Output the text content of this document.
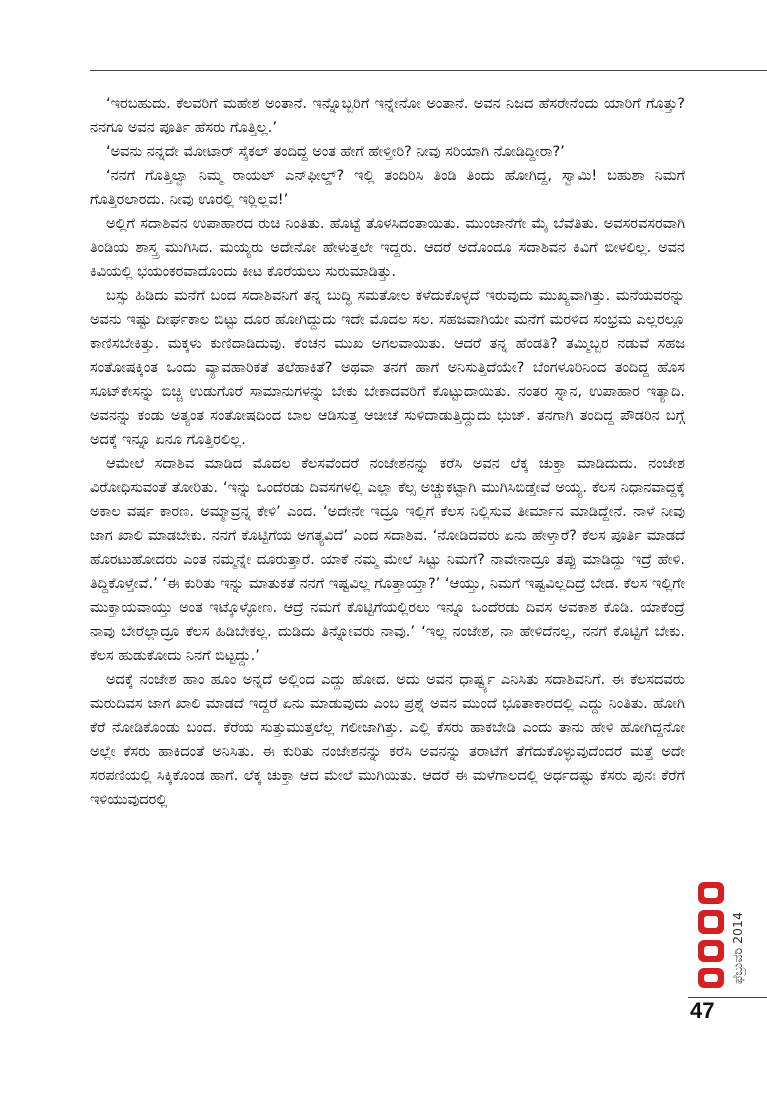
‘ಇರಬಹುದು. ಕೆಲವರಿಗೆ ಮಹೇಶ ಅಂತಾನೆ. ಇನ್ನೊಬ್ಬರಿಗೆ ಇನ್ನೇನೋ ಅಂತಾನೆ. ಅವನ ನಿಜದ ಹೆಸರೇನೆಂದು ಯಾರಿಗೆ ಗೊತ್ತು? ನನಗೂ ಅವನ ಪೂರ್ತಿ ಹೆಸರು ಗೊತ್ತಿಲ್ಲ.’

‘ಅವನು ನನ್ನದೇ ಮೋಟಾರ್ ಸೈಕಲ್ ತಂದಿದ್ದ ಅಂತ ಹೇಗೆ ಹೇಳ್ತೀರಿ? ನೀವು ಸರಿಯಾಗಿ ನೋಡಿದ್ದೀರಾ?’

‘ನನಗೆ ಗೊತ್ತಿಲ್ವಾ ನಿಮ್ಮ ರಾಯಲ್ ಎನ್‌ಫೀಲ್ಡ್? ಇಲ್ಲಿ ತಂದಿರಿಸಿ ತಿಂಡಿ ತಿಂದು ಹೋಗಿದ್ದ, ಸ್ವಾಮಿ! ಬಹುಶಾ ನಿಮಗೆ ಗೊತ್ತಿರಲಾರದು. ನೀವು ಊರಲ್ಲಿ ಇರ್‍ಲಿಲ್ಲವ!’

ಅಲ್ಲಿಗೆ ಸದಾಶಿವನ ಉಪಾಹಾರದ ರುಚಿ ನಿಂತಿತು. ಹೊಟ್ಟೆ ತೊಳಸಿದಂತಾಯಿತು. ಮುಂಜಾನೆಗೇ ಮೈ ಬೆವೆತಿತು. ಅವಸರವಸರವಾಗಿ ತಿಂಡಿಯ ಶಾಸ್ತ್ರ ಮುಗಿಸಿದ. ಮಯ್ಯರು ಅದೇನೋ ಹೇಳುತ್ತಲೇ ಇದ್ದರು. ಆದರೆ ಅದೊಂದೂ ಸದಾಶಿವನ ಕಿವಿಗೆ ಬೀಳಲಿಲ್ಲ. ಅವನ ಕಿವಿಯಲ್ಲಿ ಭಯಂಕರವಾದೊಂದು ಕೀಟ ಕೊರೆಯಲು ಸುರುಮಾಡಿತ್ತು.

ಬಸ್ಸು ಹಿಡಿದು ಮನೆಗೆ ಬಂದ ಸದಾಶಿವನಿಗೆ ತನ್ನ ಬುದ್ಧಿ ಸಮತೋಲ ಕಳೆದುಕೊಳ್ಳದೆ ಇರುವುದು ಮುಖ್ಯವಾಗಿತ್ತು. ಮನೆಯವರನ್ನು ಅವನು ಇಷ್ಟು ದೀರ್ಘಕಾಲ ಬಿಟ್ಟು ದೂರ ಹೋಗಿದ್ದುದು ಇದೇ ಮೊದಲ ಸಲ. ಸಹಜವಾಗಿಯೇ ಮನೆಗೆ ಮರಳಿದ ಸಂಭ್ರಮ ಎಲ್ಲರಲ್ಲೂ ಕಾಣಿಸಬೇಕಿತ್ತು. ಮಕ್ಕಳು ಕುಣಿದಾಡಿದುವು. ಕೆಂಚನ ಮುಖ ಅಗಲವಾಯಿತು. ಆದರೆ ತನ್ನ ಹೆಂಡತಿ? ತಮ್ಮಿಬ್ಬರ ನಡುವೆ ಸಹಜ ಸಂತೋಷಕ್ಕಿಂತ ಒಂದು ವ್ಯಾವಹಾರಿಕತೆ ತಲೆಹಾಕಿತೆ? ಅಥವಾ ತನಗೆ ಹಾಗೆ ಅನಿಸುತ್ತಿದೆಯೇ? ಬೆಂಗಳೂರಿನಿಂದ ತಂದಿದ್ದ ಹೊಸ ಸೂಟ್‌ಕೇಸನ್ನು ಬಿಚ್ಚಿ ಉಡುಗೊರೆ ಸಾಮಾನುಗಳನ್ನು ಬೇಕು ಬೇಕಾದವರಿಗೆ ಕೊಟ್ಟುದಾಯಿತು. ನಂತರ ಸ್ನಾನ, ಉಪಾಹಾರ ಇತ್ಯಾದಿ. ಅವನನ್ನು ಕಂಡು ಅತ್ಯಂತ ಸಂತೋಷದಿಂದ ಬಾಲ ಆಡಿಸುತ್ತ ಆಚೀಚೆ ಸುಳಿದಾಡುತ್ತಿದ್ದುದು ಭುಜ್. ತನಗಾಗಿ ತಂದಿದ್ದ ಪೌಡರಿನ ಬಗ್ಗೆ ಅದಕ್ಕೆ ಇನ್ನೂ ಏನೂ ಗೊತ್ತಿರಲಿಲ್ಲ.

ಆಮೇಲೆ ಸದಾಶಿವ ಮಾಡಿದ ಮೊದಲ ಕೆಲಸವೆಂದರೆ ನಂಜೇಶನನ್ನು ಕರೆಸಿ ಅವನ ಲೆಕ್ಕ ಚುಕ್ತಾ ಮಾಡಿದುದು. ನಂಜೇಶ ವಿರೋಧಿಸುವಂತೆ ತೋರಿತು. ‘ಇನ್ನು ಒಂದೆರಡು ದಿವಸಗಳಲ್ಲಿ ಎಲ್ಲಾ ಕೆಲ್ಸ ಅಚ್ಚುಕಟ್ಟಾಗಿ ಮುಗಿಸಿಬಿಡ್ತೇವೆ ಅಯ್ಯ. ಕೆಲಸ ನಿಧಾನವಾದ್ದಕ್ಕೆ ಅಕಾಲ ವರ್ಷ ಕಾರಣ. ಅಮ್ಮಾವ್ರನ್ನ ಕೇಳಿ’ ಎಂದ. ‘ಅದೇನೇ ಇದ್ರೂ ಇಲ್ಲಿಗೆ ಕೆಲಸ ನಿಲ್ಲಿಸುವ ತೀರ್ಮಾನ ಮಾಡಿದ್ದೇನೆ. ನಾಳೆ ನೀವು ಜಾಗ ಖಾಲಿ ಮಾಡಬೇಕು. ನನಗೆ ಕೊಟ್ಟಿಗೆಯ ಅಗತ್ಯವಿದೆ’ ಎಂದ ಸದಾಶಿವ. ‘ನೋಡಿದವರು ಏನು ಹೇಳ್ತಾರೆ? ಕೆಲಸ ಪೂರ್ತಿ ಮಾಡದೆ ಹೊರಟುಹೋದರು ಎಂತ ನಮ್ಮನ್ನೇ ದೂರುತ್ತಾರೆ. ಯಾಕೆ ನಮ್ಮ ಮೇಲೆ ಸಿಟ್ಟು ನಿಮಗೆ? ನಾವೇನಾದ್ರೂ ತಪ್ಪು ಮಾಡಿದ್ದು ಇದ್ರೆ ಹೇಳಿ. ತಿದ್ದಿಕೊಳ್ತೇವೆ.’ ‘ಈ ಕುರಿತು ಇನ್ನು ಮಾತುಕತೆ ನನಗೆ ಇಷ್ಟವಿಲ್ಲ ಗೊತ್ತಾಯ್ತಾ?’ ‘ಆಯ್ತು, ನಿಮಗೆ ಇಷ್ಟವಿಲ್ಲದಿದ್ರೆ ಬೇಡ. ಕೆಲಸ ಇಲ್ಲಿಗೇ ಮುಕ್ತಾಯವಾಯ್ತು ಅಂತ ಇಟ್ಕೊಳ್ಳೋಣ. ಆದ್ರೆ ನಮಗೆ ಕೊಟ್ಟಿಗೆಯಲ್ಲಿರಲು ಇನ್ನೂ ಒಂದೆರಡು ದಿವಸ ಅವಕಾಶ ಕೊಡಿ. ಯಾಕೆಂದ್ರೆ ನಾವು ಬೇರೆಲ್ಲಾದ್ರೂ ಕೆಲಸ ಹಿಡಿಬೇಕಲ್ಲ. ದುಡಿದು ತಿನ್ನೋವರು ನಾವು.’ ‘ಇಲ್ಲ ನಂಜೇಶ, ನಾ ಹೇಳಿದೆನಲ್ಲ, ನನಗೆ ಕೊಟ್ಟಿಗೆ ಬೇಕು. ಕೆಲಸ ಹುಡುಕೋದು ನಿನಗೆ ಬಿಟ್ಟದ್ದು.’

ಅದಕ್ಕೆ ನಂಜೇಶ ಹಾಂ ಹೂಂ ಅನ್ನದೆ ಅಲ್ಲಿಂದ ಎದ್ದು ಹೋದ. ಅದು ಅವನ ಧಾರ್ಷ್ಟ್ಯ ಎನಿಸಿತು ಸದಾಶಿವನಿಗೆ. ಈ ಕೆಲಸದವರು ಮರುದಿವಸ ಜಾಗ ಖಾಲಿ ಮಾಡದೆ ಇದ್ದರೆ ಏನು ಮಾಡುವುದು ಎಂಬ ಪ್ರಶ್ನೆ ಅವನ ಮುಂದೆ ಭೂತಾಕಾರದಲ್ಲಿ ಎದ್ದು ನಿಂತಿತು. ಹೋಗಿ ಕೆರೆ ನೋಡಿಕೊಂಡು ಬಂದ. ಕೆರೆಯ ಸುತ್ತುಮುತ್ತಲೆಲ್ಲ ಗಲೀಜಾಗಿತ್ತು. ಎಲ್ಲಿ ಕೆಸರು ಹಾಕಬೇಡಿ ಎಂದು ತಾನು ಹೇಳಿ ಹೋಗಿದ್ದನೋ ಅಲ್ಲೇ ಕೆಸರು ಹಾಕಿದಂತೆ ಅನಿಸಿತು. ಈ ಕುರಿತು ನಂಜೇಶನನ್ನು ಕರೆಸಿ ಅವನನ್ನು ತರಾಟೆಗೆ ತೆಗೆದುಕೊಳ್ಳುವುದೆಂದರೆ ಮತ್ತೆ ಅದೇ ಸರಪಣಿಯಲ್ಲಿ ಸಿಕ್ಕಿಕೊಂಡ ಹಾಗೆ. ಲೆಕ್ಕ ಚುಕ್ತಾ ಆದ ಮೇಲೆ ಮುಗಿಯಿತು. ಆದರೆ ಈ ಮಳೆಗಾಲದಲ್ಲಿ ಅರ್ಧದಷ್ಟು ಕೆಸರು ಪುನಃ ಕೆರೆಗೆ ಇಳಿಯುವುದರಲ್ಲಿ

ಫೆಬ್ರುವರಿ 2014
47
